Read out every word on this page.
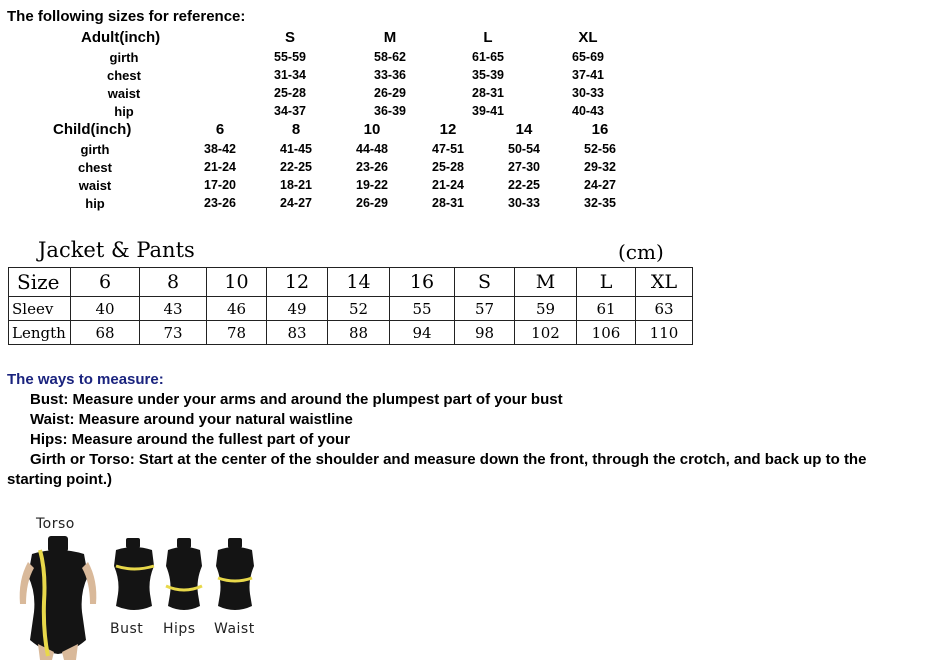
The following sizes for reference:
Adult(inch)	S	M	L	XL
girth	55-59	58-62	61-65	65-69
chest	31-34	33-36	35-39	37-41
waist	25-28	26-29	28-31	30-33
hip	34-37	36-39	39-41	40-43
Child(inch)	6	8	10	12	14	16
girth	38-42	41-45	44-48	47-51	50-54	52-56
chest	21-24	22-25	23-26	25-28	27-30	29-32
waist	17-20	18-21	19-22	21-24	22-25	24-27
hip	23-26	24-27	26-29	28-31	30-33	32-35
Jacket & Pants	(cm)
Size	6	8	10	12	14	16	S	M	L	XL
Sleev	40	43	46	49	52	55	57	59	61	63
Length	68	73	78	83	88	94	98	102	106	110
The ways to measure:
Bust: Measure under your arms and around the plumpest part of your bust
Waist: Measure around your natural waistline
Hips: Measure around the fullest part of your
Girth or Torso: Start at the center of the shoulder and measure down the front, through the crotch, and back up to the
starting point.)
Torso
Bust Hips Waist
